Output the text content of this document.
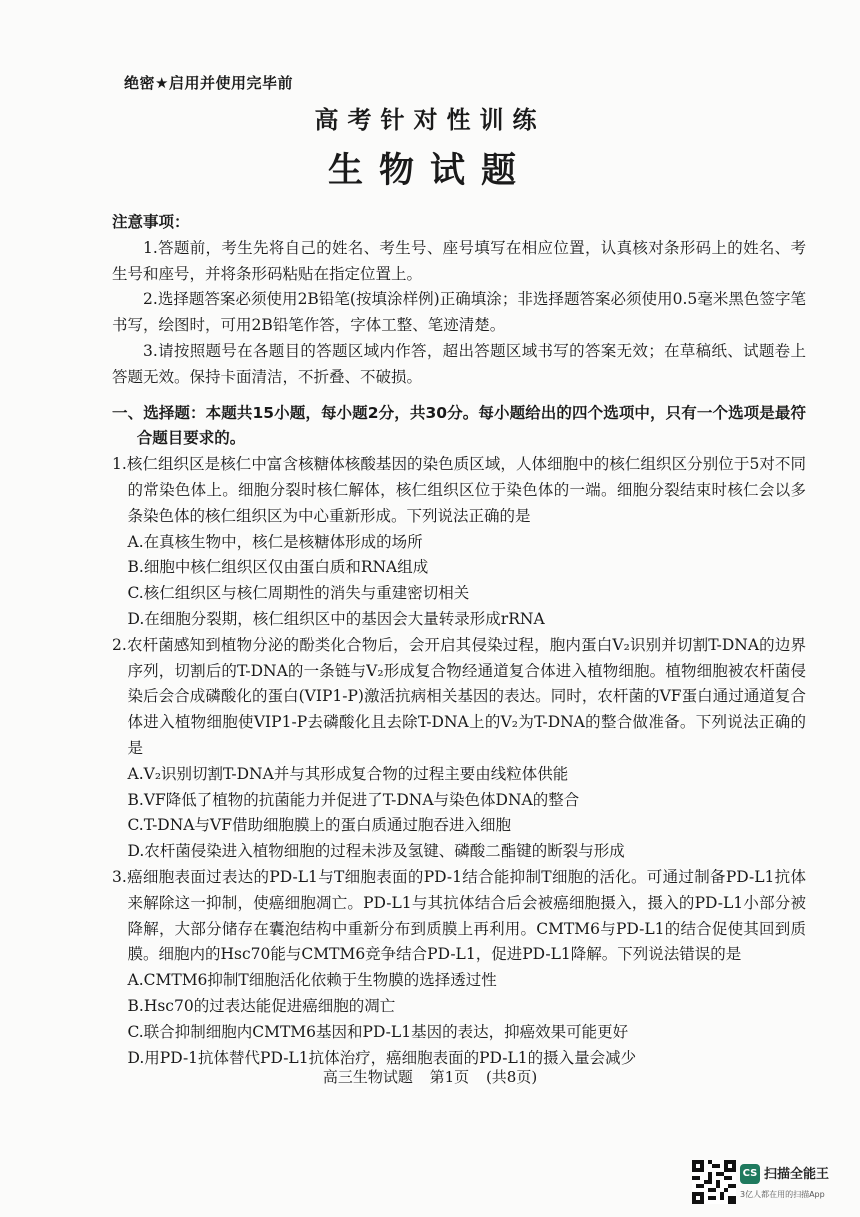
绝密★启用并使用完毕前
高考针对性训练
生物试题

注意事项：

1.答题前，考生先将自己的姓名、考生号、座号填写在相应位置，认真核对条形码上的姓名、考生号和座号，并将条形码粘贴在指定位置上。

2.选择题答案必须使用2B铅笔(按填涂样例)正确填涂；非选择题答案必须使用0.5毫米黑色签字笔书写，绘图时，可用2B铅笔作答，字体工整、笔迹清楚。

3.请按照题号在各题目的答题区域内作答，超出答题区域书写的答案无效；在草稿纸、试题卷上答题无效。保持卡面清洁，不折叠、不破损。

一、选择题：本题共15小题，每小题2分，共30分。每小题给出的四个选项中，只有一个选项是最符合题目要求的。

1.核仁组织区是核仁中富含核糖体核酸基因的染色质区域，人体细胞中的核仁组织区分别位于5对不同的常染色体上。细胞分裂时核仁解体，核仁组织区位于染色体的一端。细胞分裂结束时核仁会以多条染色体的核仁组织区为中心重新形成。下列说法正确的是

A.在真核生物中，核仁是核糖体形成的场所

B.细胞中核仁组织区仅由蛋白质和RNA组成

C.核仁组织区与核仁周期性的消失与重建密切相关

D.在细胞分裂期，核仁组织区中的基因会大量转录形成rRNA

2.农杆菌感知到植物分泌的酚类化合物后，会开启其侵染过程，胞内蛋白V₂识别并切割T-DNA的边界序列，切割后的T-DNA的一条链与V₂形成复合物经通道复合体进入植物细胞。植物细胞被农杆菌侵染后会合成磷酸化的蛋白(VIP1-P)激活抗病相关基因的表达。同时，农杆菌的VF蛋白通过通道复合体进入植物细胞使VIP1-P去磷酸化且去除T-DNA上的V₂为T-DNA的整合做准备。下列说法正确的是

A.V₂识别切割T-DNA并与其形成复合物的过程主要由线粒体供能

B.VF降低了植物的抗菌能力并促进了T-DNA与染色体DNA的整合

C.T-DNA与VF借助细胞膜上的蛋白质通过胞吞进入细胞

D.农杆菌侵染进入植物细胞的过程未涉及氢键、磷酸二酯键的断裂与形成

3.癌细胞表面过表达的PD-L1与T细胞表面的PD-1结合能抑制T细胞的活化。可通过制备PD-L1抗体来解除这一抑制，使癌细胞凋亡。PD-L1与其抗体结合后会被癌细胞摄入，摄入的PD-L1小部分被降解，大部分储存在囊泡结构中重新分布到质膜上再利用。CMTM6与PD-L1的结合促使其回到质膜。细胞内的Hsc70能与CMTM6竞争结合PD-L1，促进PD-L1降解。下列说法错误的是

A.CMTM6抑制T细胞活化依赖于生物膜的选择透过性

B.Hsc70的过表达能促进癌细胞的凋亡

C.联合抑制细胞内CMTM6基因和PD-L1基因的表达，抑癌效果可能更好

D.用PD-1抗体替代PD-L1抗体治疗，癌细胞表面的PD-L1的摄入量会减少

高三生物试题 第1页 (共8页)
CS 扫描全能王
3亿人都在用的扫描App
